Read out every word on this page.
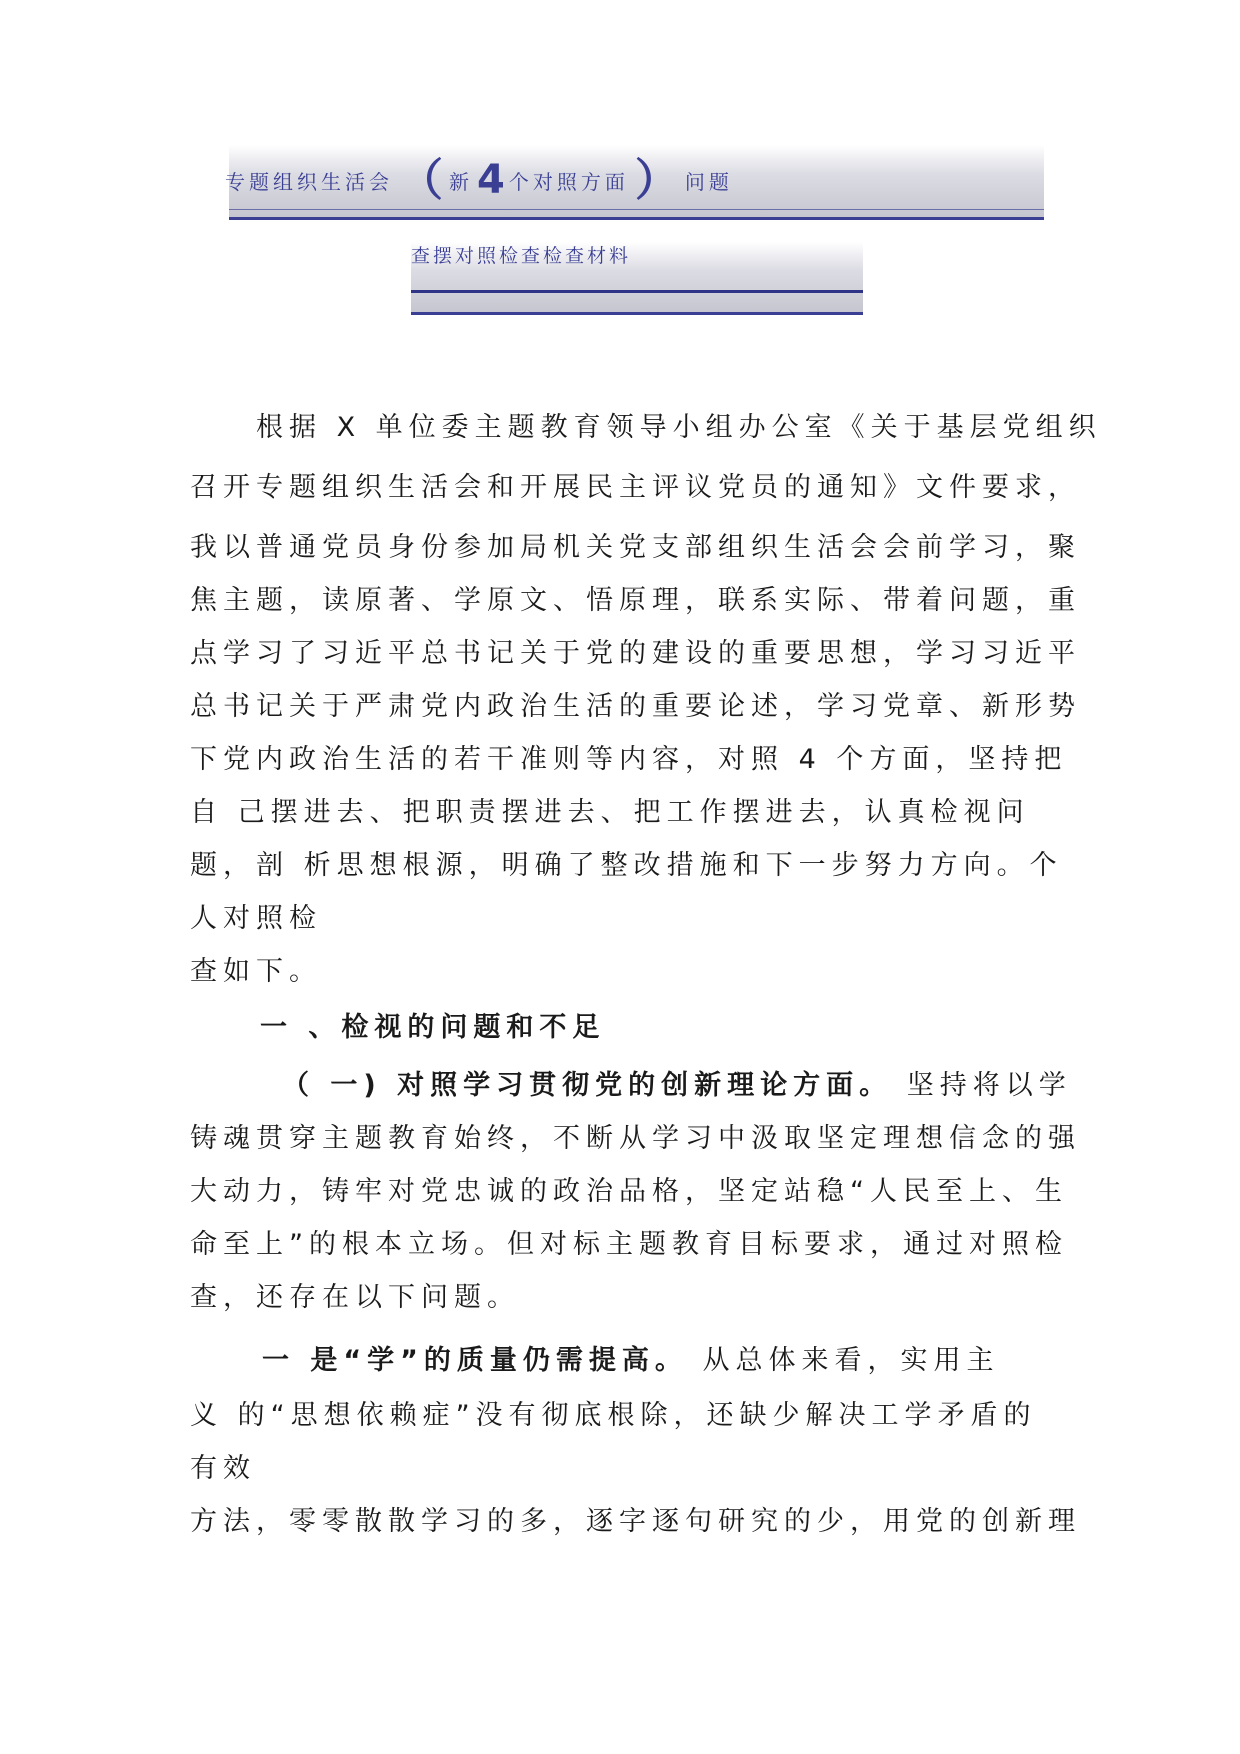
专题组织生活会 （ 新 4 个对照方面 ） 问题
查摆对照检查检查材料
根据 X 单位委主题教育领导小组办公室《关于基层党组织
召开专题组织生活会和开展民主评议党员的通知》文件要求，
我以普通党员身份参加局机关党支部组织生活会会前学习，聚
焦主题，读原著、学原文、悟原理，联系实际、带着问题，重
点学习了习近平总书记关于党的建设的重要思想，学习习近平
总书记关于严肃党内政治生活的重要论述，学习党章、新形势
下党内政治生活的若干准则等内容，对照 4 个方面，坚持把
自 己摆进去、把职责摆进去、把工作摆进去，认真检视问
题，剖 析思想根源，明确了整改措施和下一步努力方向。个
人对照检
查如下。
一 、检视的问题和不足
（ 一) 对照学习贯彻党的创新理论方面。 坚持将以学
铸魂贯穿主题教育始终，不断从学习中汲取坚定理想信念的强
大动力，铸牢对党忠诚的政治品格，坚定站稳“人民至上、生
命至上”的根本立场。但对标主题教育目标要求，通过对照检
查，还存在以下问题。
一 是“学”的质量仍需提高。 从总体来看，实用主
义 的“思想依赖症”没有彻底根除，还缺少解决工学矛盾的
有效
方法，零零散散学习的多，逐字逐句研究的少，用党的创新理
